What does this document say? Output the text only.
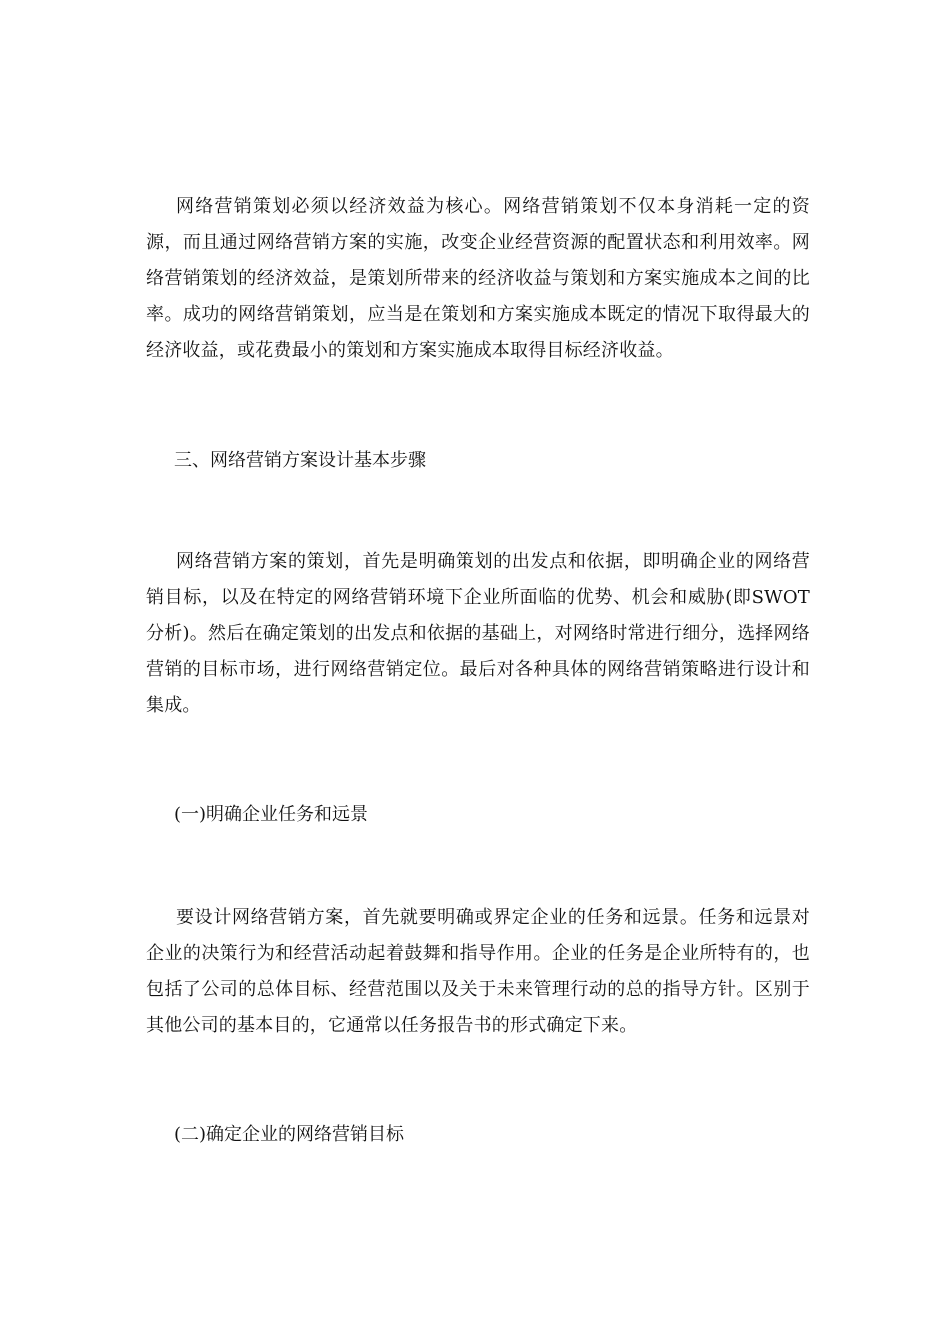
网络营销策划必须以经济效益为核心。网络营销策划不仅本身消耗一定的资源，而且通过网络营销方案的实施，改变企业经营资源的配置状态和利用效率。网络营销策划的经济效益，是策划所带来的经济收益与策划和方案实施成本之间的比率。成功的网络营销策划，应当是在策划和方案实施成本既定的情况下取得最大的经济收益，或花费最小的策划和方案实施成本取得目标经济收益。

三、网络营销方案设计基本步骤

网络营销方案的策划，首先是明确策划的出发点和依据，即明确企业的网络营销目标，以及在特定的网络营销环境下企业所面临的优势、机会和威胁(即SWOT分析)。然后在确定策划的出发点和依据的基础上，对网络时常进行细分，选择网络营销的目标市场，进行网络营销定位。最后对各种具体的网络营销策略进行设计和集成。

(一)明确企业任务和远景

要设计网络营销方案，首先就要明确或界定企业的任务和远景。任务和远景对企业的决策行为和经营活动起着鼓舞和指导作用。企业的任务是企业所特有的，也包括了公司的总体目标、经营范围以及关于未来管理行动的总的指导方针。区别于其他公司的基本目的，它通常以任务报告书的形式确定下来。

(二)确定企业的网络营销目标
